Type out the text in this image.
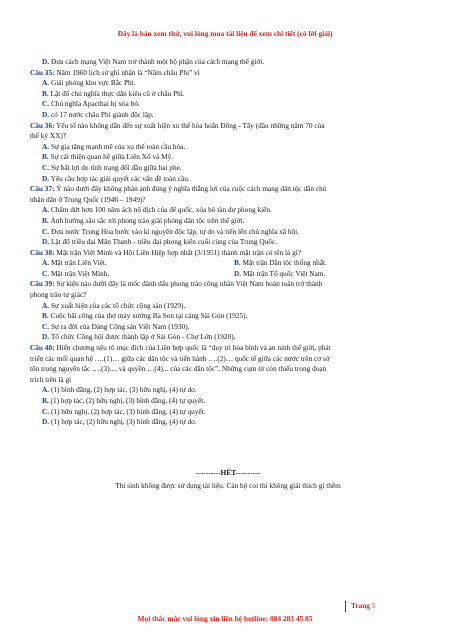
Đây là bản xem thử, vui lòng mua tài liệu để xem chi tiết (có lời giải)
D. Đưa cách mạng Việt Nam trở thành một bộ phận của cách mạng thế giới.
Câu 35: Năm 1960 lịch sử ghi nhận là “Năm châu Phi” vì
A. Giải phóng khu vực Bắc Phi.
B. Lật đổ chủ nghĩa thực dân kiểu cũ ở châu Phi.
C. Chủ nghĩa Apacthai bị xóa bỏ.
D. có 17 nước châu Phi giành độc lập.
Câu 36: Yếu tố nào không dẫn đến sự xuất hiện xu thế hòa hoãn Đông - Tây (đầu những năm 70 của
thế kỷ XX)?
A. Sự gia tăng mạnh mẽ của xu thế toàn cầu hóa.
B. Sự cải thiện quan hệ giữa Liên Xô và Mỹ.
C. Sự bất lợi do tình trạng đối đầu giữa hai phe.
D. Yêu cầu hợp tác giải quyết các vấn đề toàn cầu.
Câu 37: Ý nào dưới đây không phản ánh đúng ý nghĩa thắng lợi của cuộc cách mạng dân tộc dân chủ
nhân dân ở Trung Quốc (1946 – 1949)?
A. Chấm dứt hơn 100 năm ách nô dịch của đế quốc, xóa bỏ tàn dư phong kiến.
B. Ảnh hưởng sâu sắc tới phong trào giải phóng dân tộc trên thế giới.
C. Đưa nước Trung Hoa bước vào kỉ nguyên độc lập, tự do và tiến lên chủ nghĩa xã hội.
D. Lật đổ triều đại Mãn Thanh - triều đại phong kiến cuối cùng của Trung Quốc.
Câu 38: Mặt trận Việt Minh và Hội Liên Hiệp hợp nhất (3/1951) thành mặt trận có tên là gì?
A. Mặt trận Liên Việt.	B. Mặt trận Dân tộc thống nhất.
C. Mặt trận Việt Minh.	D. Mặt trận Tổ quốc Việt Nam.
Câu 39: Sự kiện nào dưới đây là mốc đánh dấu phong trào công nhân Việt Nam hoàn toàn trở thành
phong trào tự giác?
A. Sự xuất hiện của các tổ chức cộng sản (1929).
B. Cuộc bãi công của thợ máy xưởng Ba Son tại cảng Sài Gòn (1925).
C. Sự ra đời của Đảng Cộng sản Việt Nam (1930).
D. Tổ chức Công hội được thành lập ở Sài Gòn - Chợ Lớn (1920).
Câu 40: Hiến chương nêu rõ mục đích của Liên hợp quốc là “duy trì hòa bình và an ninh thế giới, phát
triển các mối quan hệ ….(1)… giữa các dân tộc và tiến hành ….(2)… quốc tế giữa các nước trên cơ sở
tôn trọng nguyên tắc ….(3).... và quyền …(4)... của các dân tộc”. Những cụm từ còn thiếu trong đoạn
trích trên là gì
A. (1) bình đẳng, (2) hợp tác, (3) hữu nghị, (4) tự do.
B. (1) hợp tác, (2) hữu nghị, (3) bình đẳng, (4) tự quyết.
C. (1) hữu nghị, (2) hợp tác, (3) bình đẳng, (4) tự quyết.
D. (1) hợp tác, (2) hữu nghị, (3) bình đẳng, (4) tự do.
----------HẾT----------
Thí sinh không được sử dụng tài liệu. Cán bộ coi thi không giải thích gì thêm
Trang 5
Mọi thắc mắc vui lòng xin liên hệ hotline: 084 283 45 85
